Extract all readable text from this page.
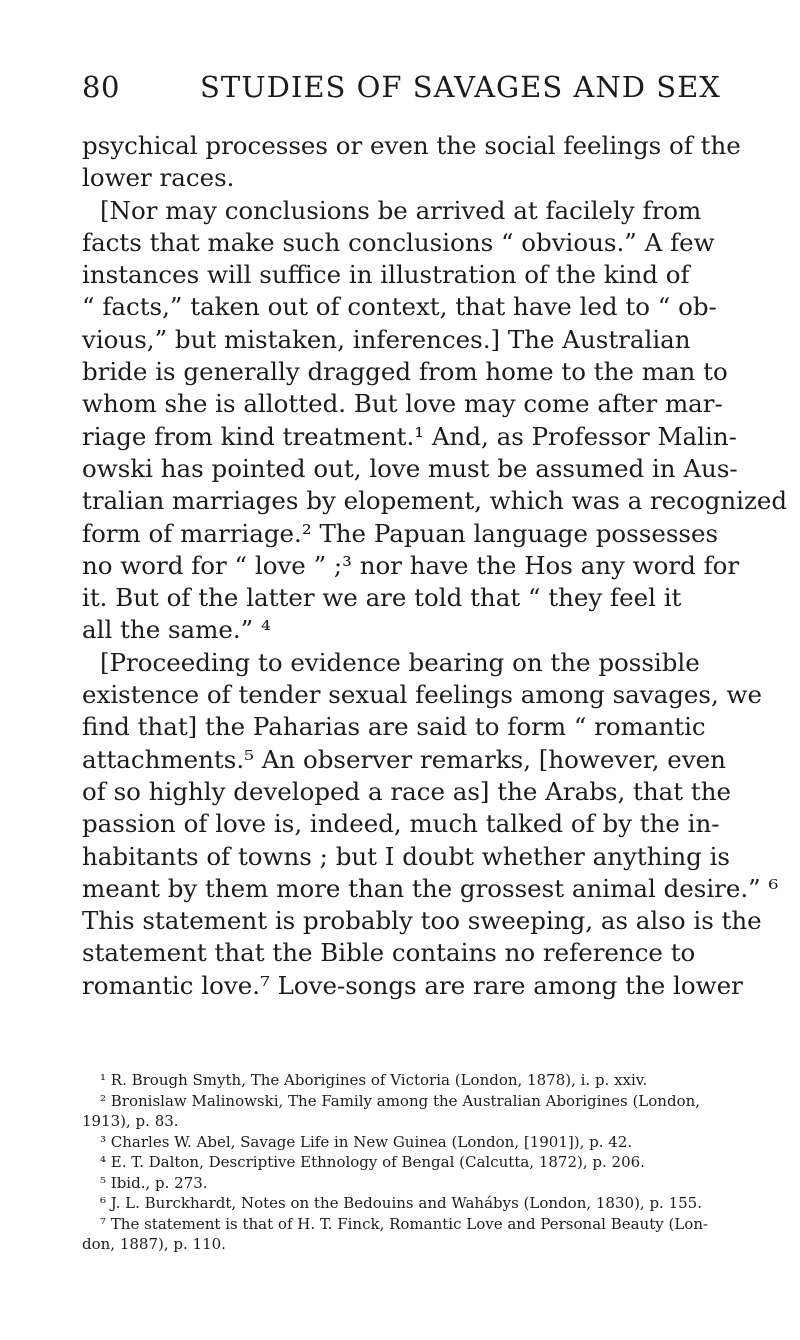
80	STUDIES OF SAVAGES AND SEX
psychical processes or even the social feelings of the
lower races.
[Nor may conclusions be arrived at facilely from
facts that make such conclusions “ obvious.” A few
instances will suffice in illustration of the kind of
“ facts,” taken out of context, that have led to “ ob-
vious,” but mistaken, inferences.] The Australian
bride is generally dragged from home to the man to
whom she is allotted. But love may come after mar-
riage from kind treatment.¹ And, as Professor Malin-
owski has pointed out, love must be assumed in Aus-
tralian marriages by elopement, which was a recognized
form of marriage.² The Papuan language possesses
no word for “ love ” ;³ nor have the Hos any word for
it. But of the latter we are told that “ they feel it
all the same.” ⁴
[Proceeding to evidence bearing on the possible
existence of tender sexual feelings among savages, we
find that] the Paharias are said to form “ romantic
attachments.⁵ An observer remarks, [however, even
of so highly developed a race as] the Arabs, that the
passion of love is, indeed, much talked of by the in-
habitants of towns ; but I doubt whether anything is
meant by them more than the grossest animal desire.” ⁶
This statement is probably too sweeping, as also is the
statement that the Bible contains no reference to
romantic love.⁷ Love-songs are rare among the lower
¹ R. Brough Smyth, The Aborigines of Victoria (London, 1878), i. p. xxiv.
² Bronislaw Malinowski, The Family among the Australian Aborigines (London,
1913), p. 83.
³ Charles W. Abel, Savage Life in New Guinea (London, [1901]), p. 42.
⁴ E. T. Dalton, Descriptive Ethnology of Bengal (Calcutta, 1872), p. 206.
⁵ Ibid., p. 273.
⁶ J. L. Burckhardt, Notes on the Bedouins and Wahábys (London, 1830), p. 155.
⁷ The statement is that of H. T. Finck, Romantic Love and Personal Beauty (Lon-
don, 1887), p. 110.
